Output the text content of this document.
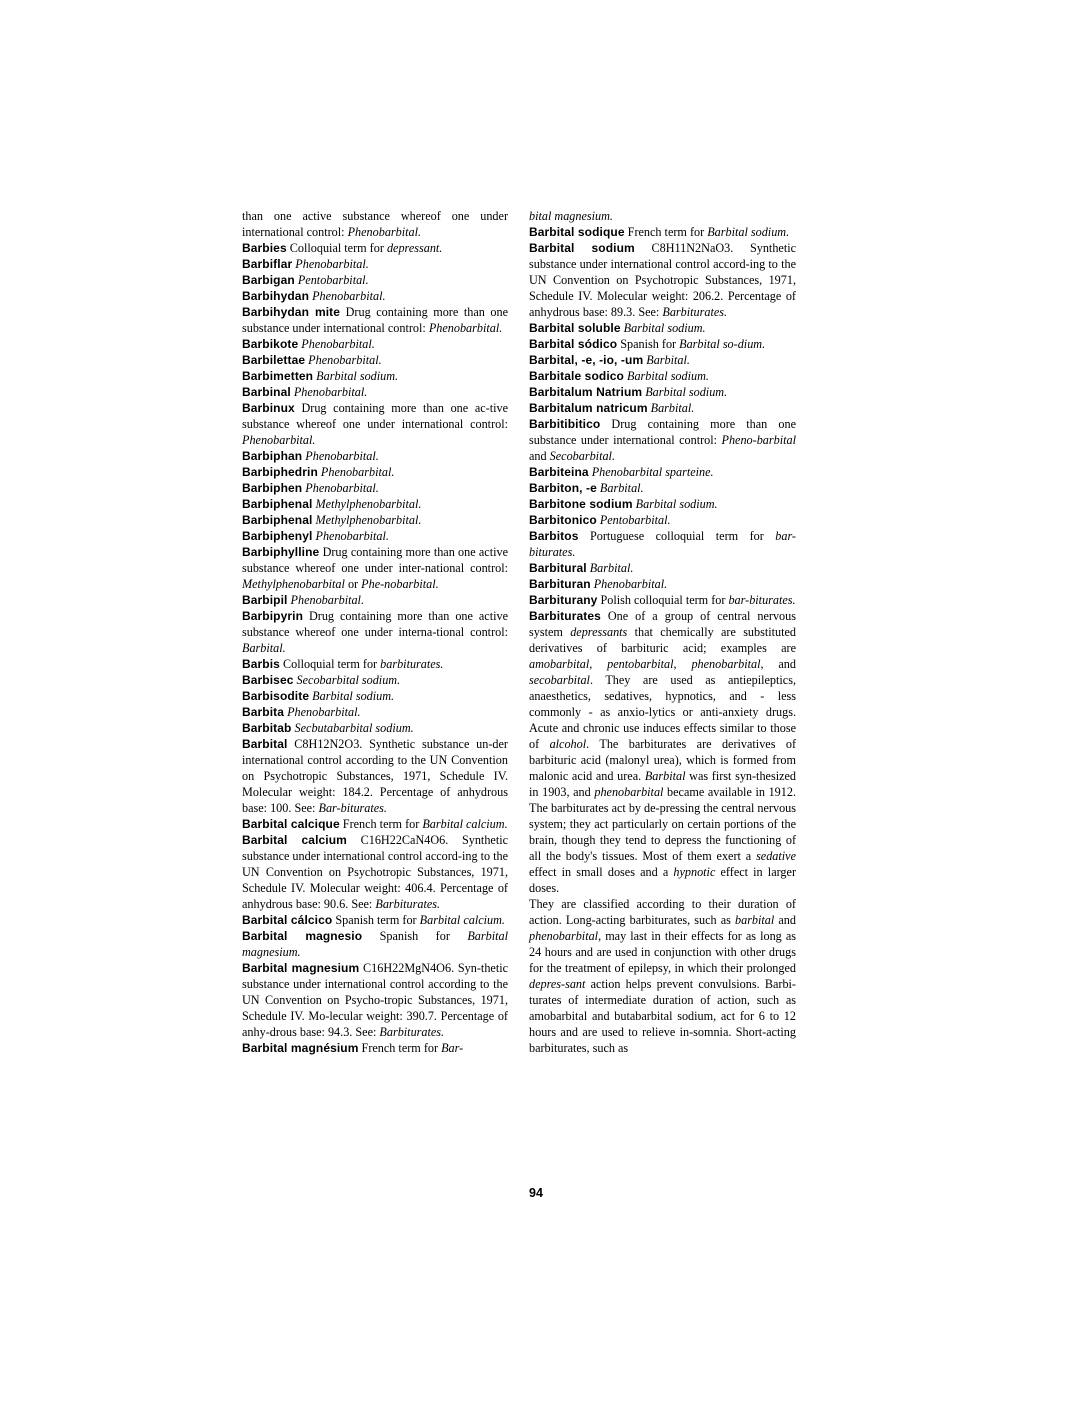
than one active substance whereof one under international control: Phenobarbital.

Barbies Colloquial term for depressant.

Barbiflar Phenobarbital.

Barbigan Pentobarbital.

Barbihydan Phenobarbital.

Barbihydan mite Drug containing more than one substance under international control: Phenobarbital.

Barbikote Phenobarbital.

Barbilettae Phenobarbital.

Barbimetten Barbital sodium.

Barbinal Phenobarbital.

Barbinux Drug containing more than one ac-tive substance whereof one under international control: Phenobarbital.

Barbiphan Phenobarbital.

Barbiphedrin Phenobarbital.

Barbiphen Phenobarbital.

Barbiphenal Methylphenobarbital.

Barbiphenal Methylphenobarbital.

Barbiphenyl Phenobarbital.

Barbiphylline Drug containing more than one active substance whereof one under inter-national control: Methylphenobarbital or Phe-nobarbital.

Barbipil Phenobarbital.

Barbipyrin Drug containing more than one active substance whereof one under interna-tional control: Barbital.

Barbis Colloquial term for barbiturates.

Barbisec Secobarbital sodium.

Barbisodite Barbital sodium.

Barbita Phenobarbital.

Barbitab Secbutabarbital sodium.

Barbital C8H12N2O3. Synthetic substance un-der international control according to the UN Convention on Psychotropic Substances, 1971, Schedule IV. Molecular weight: 184.2. Percentage of anhydrous base: 100. See: Bar-biturates.

Barbital calcique French term for Barbital calcium.

Barbital calcium C16H22CaN4O6. Synthetic substance under international control accord-ing to the UN Convention on Psychotropic Substances, 1971, Schedule IV. Molecular weight: 406.4. Percentage of anhydrous base: 90.6. See: Barbiturates.

Barbital cálcico Spanish term for Barbital calcium.

Barbital magnesio Spanish for Barbital magnesium.

Barbital magnesium C16H22MgN4O6. Syn-thetic substance under international control according to the UN Convention on Psycho-tropic Substances, 1971, Schedule IV. Mo-lecular weight: 390.7. Percentage of anhy-drous base: 94.3. See: Barbiturates.

Barbital magnésium French term for Bar-

bital magnesium.

Barbital sodique French term for Barbital sodium.

Barbital sodium C8H11N2NaO3. Synthetic substance under international control accord-ing to the UN Convention on Psychotropic Substances, 1971, Schedule IV. Molecular weight: 206.2. Percentage of anhydrous base: 89.3. See: Barbiturates.

Barbital soluble Barbital sodium.

Barbital sódico Spanish for Barbital so-dium.

Barbital, -e, -io, -um Barbital.

Barbitale sodico Barbital sodium.

Barbitalum Natrium Barbital sodium.

Barbitalum natricum Barbital.

Barbitibitico Drug containing more than one substance under international control: Pheno-barbital and Secobarbital.

Barbiteina Phenobarbital sparteine.

Barbiton, -e Barbital.

Barbitone sodium Barbital sodium.

Barbitonico Pentobarbital.

Barbitos Portuguese colloquial term for bar-biturates.

Barbitural Barbital.

Barbituran Phenobarbital.

Barbiturany Polish colloquial term for bar-biturates.

Barbiturates One of a group of central nervous system depressants that chemically are substituted derivatives of barbituric acid; examples are amobarbital, pentobarbital, phenobarbital, and secobarbital. They are used as antiepileptics, anaesthetics, sedatives, hypnotics, and - less commonly - as anxio-lytics or anti-anxiety drugs. Acute and chronic use induces effects similar to those of alcohol. The barbiturates are derivatives of barbituric acid (malonyl urea), which is formed from malonic acid and urea. Barbital was first syn-thesized in 1903, and phenobarbital became available in 1912. The barbiturates act by de-pressing the central nervous system; they act particularly on certain portions of the brain, though they tend to depress the functioning of all the body's tissues. Most of them exert a sedative effect in small doses and a hypnotic effect in larger doses.

They are classified according to their duration of action. Long-acting barbiturates, such as barbital and phenobarbital, may last in their effects for as long as 24 hours and are used in conjunction with other drugs for the treatment of epilepsy, in which their prolonged depres-sant action helps prevent convulsions. Barbi-turates of intermediate duration of action, such as amobarbital and butabarbital sodium, act for 6 to 12 hours and are used to relieve in-somnia. Short-acting barbiturates, such as

94
